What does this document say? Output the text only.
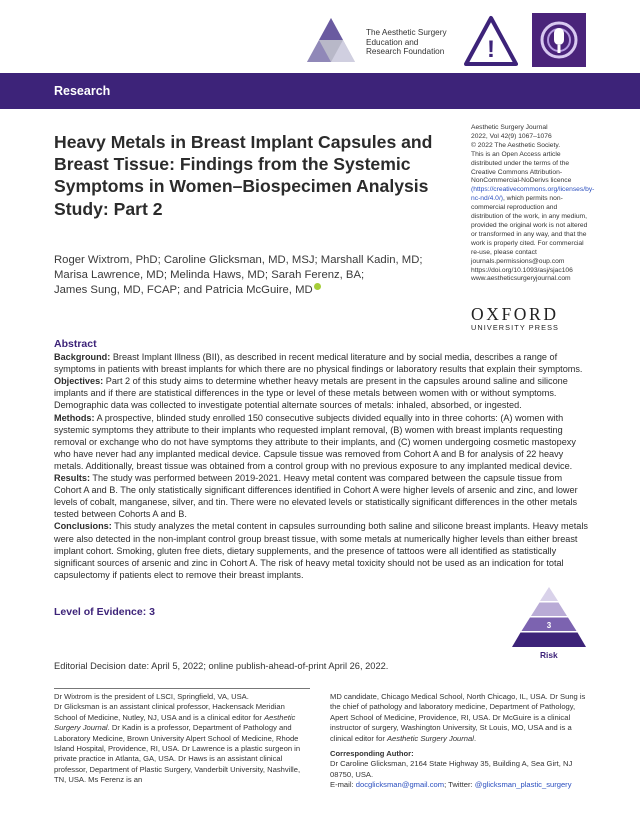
The Aesthetic Surgery
Education and
Research Foundation !
Research
Heavy Metals in Breast Implant Capsules and Breast Tissue: Findings from the Systemic Symptoms in Women–Biospecimen Analysis Study: Part 2
Roger Wixtrom, PhD; Caroline Glicksman, MD, MSJ; Marshall Kadin, MD;
Marisa Lawrence, MD; Melinda Haws, MD; Sarah Ferenz, BA;
James Sung, MD, FCAP; and Patricia McGuire, MD
Aesthetic Surgery Journal
2022, Vol 42(9) 1067–1076
© 2022 The Aesthetic Society.
This is an Open Access article distributed under the terms of the Creative Commons Attribution-NonCommercial-NoDerivs licence (https://creativecommons.org/licenses/by-nc-nd/4.0/), which permits non-commercial reproduction and distribution of the work, in any medium, provided the original work is not altered or transformed in any way, and that the work is properly cited. For commercial re-use, please contact journals.permissions@oup.com
https://doi.org/10.1093/asj/sjac106
www.aestheticsurgeryjournal.com
OXFORD
UNIVERSITY PRESS
Abstract

Background: Breast Implant Illness (BII), as described in recent medical literature and by social media, describes a range of symptoms in patients with breast implants for which there are no physical findings or laboratory results that explain their symptoms.

Objectives: Part 2 of this study aims to determine whether heavy metals are present in the capsules around saline and silicone implants and if there are statistical differences in the type or level of these metals between women with or without symptoms. Demographic data was collected to investigate potential alternate sources of metals: inhaled, absorbed, or ingested.

Methods: A prospective, blinded study enrolled 150 consecutive subjects divided equally into in three cohorts: (A) women with systemic symptoms they attribute to their implants who requested implant removal, (B) women with breast implants requesting removal or exchange who do not have symptoms they attribute to their implants, and (C) women undergoing cosmetic mastopexy who have never had any implanted medical device. Capsule tissue was removed from Cohort A and B for analysis of 22 heavy metals. Additionally, breast tissue was obtained from a control group with no previous exposure to any implanted medical device.

Results: The study was performed between 2019-2021. Heavy metal content was compared between the capsule tissue from Cohort A and B. The only statistically significant differences identified in Cohort A were higher levels of arsenic and zinc, and lower levels of cobalt, manganese, silver, and tin. There were no elevated levels or statistically significant differences in the other metals tested between Cohorts A and B.

Conclusions: This study analyzes the metal content in capsules surrounding both saline and silicone breast implants. Heavy metals were also detected in the non-implant control group breast tissue, with some metals at numerically higher levels than either breast implant cohort. Smoking, gluten free diets, dietary supplements, and the presence of tattoos were all identified as statistically significant sources of arsenic and zinc in Cohort A. The risk of heavy metal toxicity should not be used as an indication for total capsulectomy if patients elect to remove their breast implants.

Level of Evidence: 3
3
Risk
Editorial Decision date: April 5, 2022; online publish-ahead-of-print April 26, 2022.
Dr Wixtrom is the president of LSCI, Springfield, VA, USA.
Dr Glicksman is an assistant clinical professor, Hackensack Meridian School of Medicine, Nutley, NJ, USA and is a clinical editor for Aesthetic Surgery Journal. Dr Kadin is a professor, Department of Pathology and Laboratory Medicine, Brown University Alpert School of Medicine, Rhode Island Hospital, Providence, RI, USA. Dr Lawrence is a plastic surgeon in private practice in Atlanta, GA, USA. Dr Haws is an assistant clinical professor, Department of Plastic Surgery, Vanderbilt University, Nashville, TN, USA. Ms Ferenz is an
MD candidate, Chicago Medical School, North Chicago, IL, USA. Dr Sung is the chief of pathology and laboratory medicine, Department of Pathology, Apert School of Medicine, Providence, RI, USA. Dr McGuire is a clinical instructor of surgery, Washington University, St Louis, MO, USA and is a clinical editor for Aesthetic Surgery Journal.
Corresponding Author:
Dr Caroline Glicksman, 2164 State Highway 35, Building A, Sea Girt, NJ 08750, USA.
E-mail: docglicksman@gmail.com; Twitter: @glicksman_plastic_surgery
